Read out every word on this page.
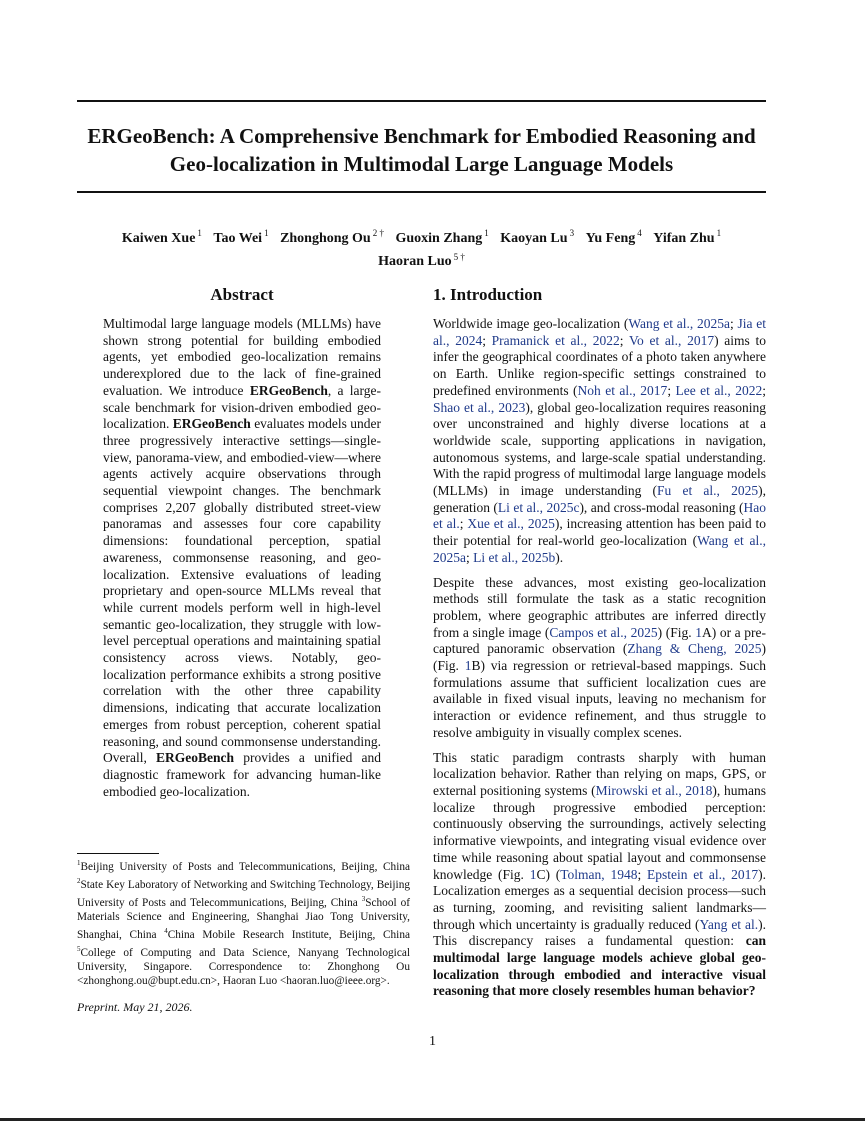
ERGeoBench: A Comprehensive Benchmark for Embodied Reasoning and Geo-localization in Multimodal Large Language Models
Kaiwen Xue $^1$ Tao Wei $^1$ Zhonghong Ou $^{2 \dagger}$ Guoxin Zhang $^1$ Kaoyan Lu $^3$ Yu Feng $^4$ Yifan Zhu $^1$
Haoran Luo $^{5 \dagger}$
Abstract

Multimodal large language models (MLLMs) have shown strong potential for building embodied agents, yet embodied geo-localization remains underexplored due to the lack of fine-grained evaluation. We introduce ERGeoBench, a large-scale benchmark for vision-driven embodied geo-localization. ERGeoBench evaluates models under three progressively interactive settings—single-view, panorama-view, and embodied-view—where agents actively acquire observations through sequential viewpoint changes. The benchmark comprises 2,207 globally distributed street-view panoramas and assesses four core capability dimensions: foundational perception, spatial awareness, commonsense reasoning, and geo-localization. Extensive evaluations of leading proprietary and open-source MLLMs reveal that while current models perform well in high-level semantic geo-localization, they struggle with low-level perceptual operations and maintaining spatial consistency across views. Notably, geo-localization performance exhibits a strong positive correlation with the other three capability dimensions, indicating that accurate localization emerges from robust perception, coherent spatial reasoning, and sound commonsense understanding. Overall, ERGeoBench provides a unified and diagnostic framework for advancing human-like embodied geo-localization.

$^1$Beijing University of Posts and Telecommunications, Beijing, China $^2$State Key Laboratory of Networking and Switching Technology, Beijing University of Posts and Telecommunications, Beijing, China $^3$School of Materials Science and Engineering, Shanghai Jiao Tong University, Shanghai, China $^4$China Mobile Research Institute, Beijing, China $^5$College of Computing and Data Science, Nanyang Technological University, Singapore. Correspondence to: Zhonghong Ou <zhonghong.ou@bupt.edu.cn>, Haoran Luo <haoran.luo@ieee.org>.
Preprint. May 21, 2026.
1. Introduction

Worldwide image geo-localization (Wang et al., 2025a; Jia et al., 2024; Pramanick et al., 2022; Vo et al., 2017) aims to infer the geographical coordinates of a photo taken anywhere on Earth. Unlike region-specific settings constrained to predefined environments (Noh et al., 2017; Lee et al., 2022; Shao et al., 2023), global geo-localization requires reasoning over unconstrained and highly diverse locations at a worldwide scale, supporting applications in navigation, autonomous systems, and large-scale spatial understanding. With the rapid progress of multimodal large language models (MLLMs) in image understanding (Fu et al., 2025), generation (Li et al., 2025c), and cross-modal reasoning (Hao et al.; Xue et al., 2025), increasing attention has been paid to their potential for real-world geo-localization (Wang et al., 2025a; Li et al., 2025b).

Despite these advances, most existing geo-localization methods still formulate the task as a static recognition problem, where geographic attributes are inferred directly from a single image (Campos et al., 2025) (Fig. 1A) or a pre-captured panoramic observation (Zhang & Cheng, 2025) (Fig. 1B) via regression or retrieval-based mappings. Such formulations assume that sufficient localization cues are available in fixed visual inputs, leaving no mechanism for interaction or evidence refinement, and thus struggle to resolve ambiguity in visually complex scenes.

This static paradigm contrasts sharply with human localization behavior. Rather than relying on maps, GPS, or external positioning systems (Mirowski et al., 2018), humans localize through progressive embodied perception: continuously observing the surroundings, actively selecting informative viewpoints, and integrating visual evidence over time while reasoning about spatial layout and commonsense knowledge (Fig. 1C) (Tolman, 1948; Epstein et al., 2017). Localization emerges as a sequential decision process—such as turning, zooming, and revisiting salient landmarks—through which uncertainty is gradually reduced (Yang et al.). This discrepancy raises a fundamental question: can multimodal large language models achieve global geo-localization through embodied and interactive visual reasoning that more closely resembles human behavior?

1
